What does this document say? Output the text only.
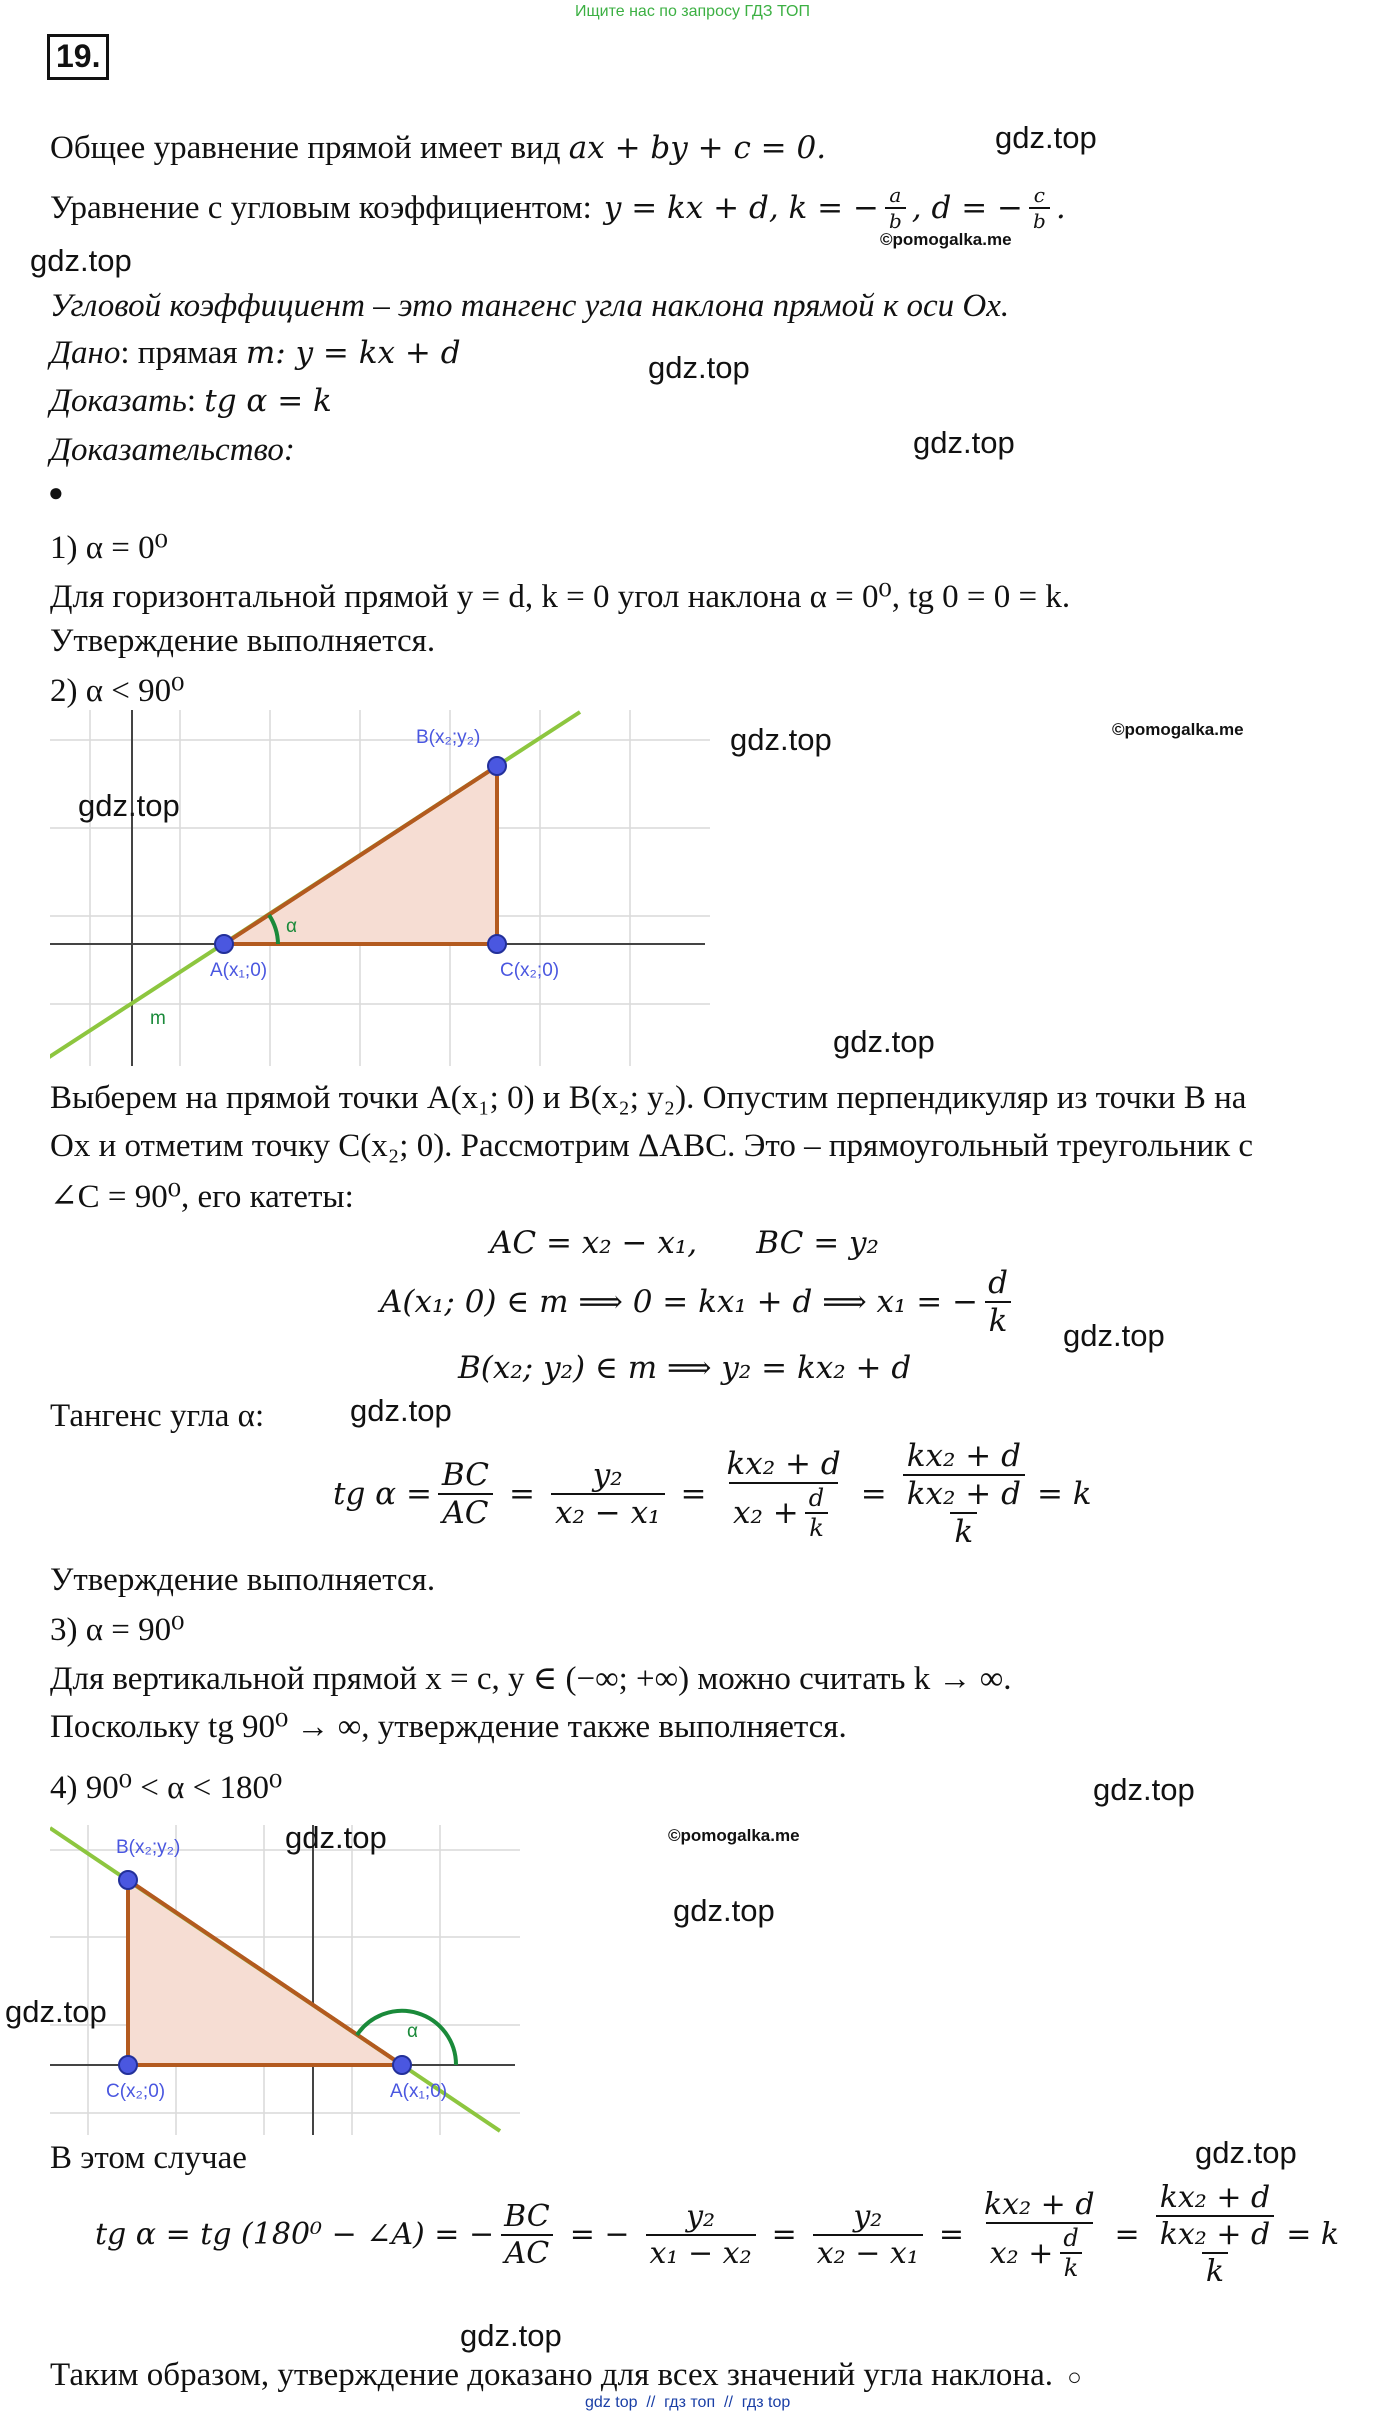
Ищите нас по запросу ГДЗ ТОП
19.
Общее уравнение прямой имеет вид ax + by + c = 0.	gdz.top
Уравнение с угловым коэффициентом: y = kx + d, k = − $\frac{a}{b}$ , d = − $\frac{c}{b}$ .
©pomogalka.me
gdz.top
Угловой коэффициент – это тангенс угла наклона прямой к оси Ox.
Дано: прямая m: y = kx + d	gdz.top
Доказать: tg α = k
Доказательство:	gdz.top
●
1) α = 0⁰
Для горизонтальной прямой y = d, k = 0 угол наклона α = 0⁰, tg 0 = 0 = k.
Утверждение выполняется.
2) α < 90⁰
B(x₂;y₂)
A(x₁;0)	C(x₂;0)
α
m
gdz.top	©pomogalka.me
gdz.top
gdz.top
Выберем на прямой точки A(x₁; 0) и B(x₂; y₂). Опустим перпендикуляр из точки B на
Ox и отметим точку C(x₂; 0). Рассмотрим ΔABC. Это – прямоугольный треугольник с
∠C = 90⁰, его катеты:
AC = x₂ − x₁,      BC = y₂
A(x₁; 0) ∈ m ⟹ 0 = kx₁ + d ⟹ x₁ = − $\frac{d}{k} gdz.top$
B(x₂; y₂) ∈ m ⟹ y₂ = kx₂ + d
Тангенс угла α:	gdz.top
tg $\alpha = \frac{BC}{AC} = \frac{\text{y₂}}{\text{x₂ − x₁}} = \frac{\text{kx₂ + d}}{x_2 + \frac{d}{k}} = kx_2 + d$
kx₂ + d
k = k
Утверждение выполняется.
3) α = 90⁰
Для вертикальной прямой x = c, y ∈ (−∞; +∞) можно считать k → ∞.
Поскольку tg 90⁰ → ∞, утверждение также выполняется.
4) 90⁰ < α < 180⁰	gdz.top
B(x₂;y₂)
A(x₁;0)
C(x₂;0)
α
gdz.top	©pomogalka.me
gdz.top
gdz.top
В этом случае	gdz.top
tg α = tg (180⁰ − ∠A) = − $\frac{BC}{AC}$ = − $\frac{\text{y₂}}{\text{x₁ − x₂}} = \frac{\text{y₂}}{\text{x₂ − x₁}} = \frac{\text{kx₂ + d}}{x_2 + \frac{d}{k}} = kx_2 + d$
kx₂ + d
k = k
gdz.top
Таким образом, утверждение доказано для всех значений угла наклона. ○
gdz top  //  гдз топ  //  гдз top
